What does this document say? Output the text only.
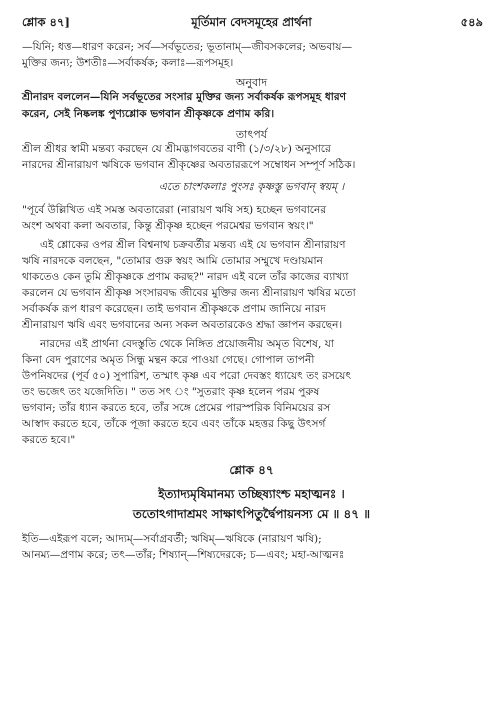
শ্লোক ৪৭]	মূর্তিমান বেদসমূহের প্রার্থনা	৫৪৯
—যিনি; ধত্ত—ধারণ করেন; সর্ব—সর্বভূতের; ভূতানাম্—জীবসকলের; অভবায়—
মুক্তির জন্য; উশতীঃ—সর্বাকর্ষক; কলাঃ—রূপসমূহ।
অনুবাদ
শ্রীনারদ বললেন—যিনি সর্বভূতের সংসার মুক্তির জন্য সর্বাকর্ষক রূপসমূহ ধারণ
করেন, সেই নিষ্কলঙ্ক পুণ্যশ্লোক ভগবান শ্রীকৃষ্ণকে প্রণাম করি।
তাৎপর্য
শ্রীল শ্রীধর স্বামী মন্তব্য করছেন যে শ্রীমদ্ভাগবতের বাণী (১/৩/২৮) অনুসারে
নারদের শ্রীনারায়ণ ঋষিকে ভগবান শ্রীকৃষ্ণের অবতাররূপে সম্বোধন সম্পূর্ণ সঠিক।
এতে চাংশকলাঃ পুংসঃ কৃষ্ণস্তু ভগবান্ স্বয়ম্ ।
"পূর্বে উল্লিখিত এই সমস্ত অবতারেরা (নারায়ণ ঋষি সহ) হচ্ছেন ভগবানের
অংশ অথবা কলা অবতার, কিন্তু শ্রীকৃষ্ণ হচ্ছেন পরমেশ্বর ভগবান স্বয়ং।"
এই শ্লোকের ওপর শ্রীল বিশ্বনাথ চক্রবর্তীর মন্তব্য এই যে ভগবান শ্রীনারায়ণ
ঋষি নারদকে বলছেন, "তোমার গুরু স্বয়ং আমি তোমার সম্মুখে দণ্ডায়মান
থাকতেও কেন তুমি শ্রীকৃষ্ণকে প্রণাম করছ?" নারদ এই বলে তাঁর কাজের ব্যাখ্যা
করলেন যে ভগবান শ্রীকৃষ্ণ সংসারবদ্ধ জীবের মুক্তির জন্য শ্রীনারায়ণ ঋষির মতো
সর্বাকর্ষক রূপ ধারণ করেছেন। তাই ভগবান শ্রীকৃষ্ণকে প্রণাম জানিয়ে নারদ
শ্রীনারায়ণ ঋষি এবং ভগবানের অন্য সকল অবতারকেও শ্রদ্ধা জ্ঞাপন করছেন।
নারদের এই প্রার্থনা বেদস্তুতি থেকে নিঙ্গিত প্রয়োজনীয় অমৃত বিশেষ, যা
কিনা বেদ পুরাণের অমৃত সিন্ধু মন্থন করে পাওয়া গেছে। গোপাল তাপনী
উপনিষদের (পূর্ব ৫০) সুপারিশ, তস্মাৎ কৃষ্ণ এব পরো দেবস্তং ধ্যায়েৎ তং রসয়েৎ
তং ভজেৎ তং যজেদিতি। " তত সৎ ং "সুতরাং কৃষ্ণ হলেন পরম পুরুষ
ভগবান; তাঁর ধ্যান করতে হবে, তাঁর সঙ্গে প্রেমের পারস্পরিক বিনিময়ের রস
আস্বাদ করতে হবে, তাঁকে পূজা করতে হবে এবং তাঁকে মহত্তর কিছু উৎসর্গ
করতে হবে।"
শ্লোক ৪৭
ইত্যাদ্যমৃষিমানম্য তচ্ছিষ্যাংশ্চ মহাত্মনঃ ।
ততোঽগাদাশ্রমং সাক্ষাৎপিতুর্দ্বৈপায়নস্য মে ॥ ৪৭ ॥
ইতি—এইরূপ বলে; আদ্যম্—সর্বাগ্রবর্তী; ঋষিম্—ঋষিকে (নারায়ণ ঋষি);
আনম্য—প্রণাম করে; তৎ—তাঁর; শিষ্যান্—শিষ্যদেরকে; চ—এবং; মহা-আত্মনঃ
